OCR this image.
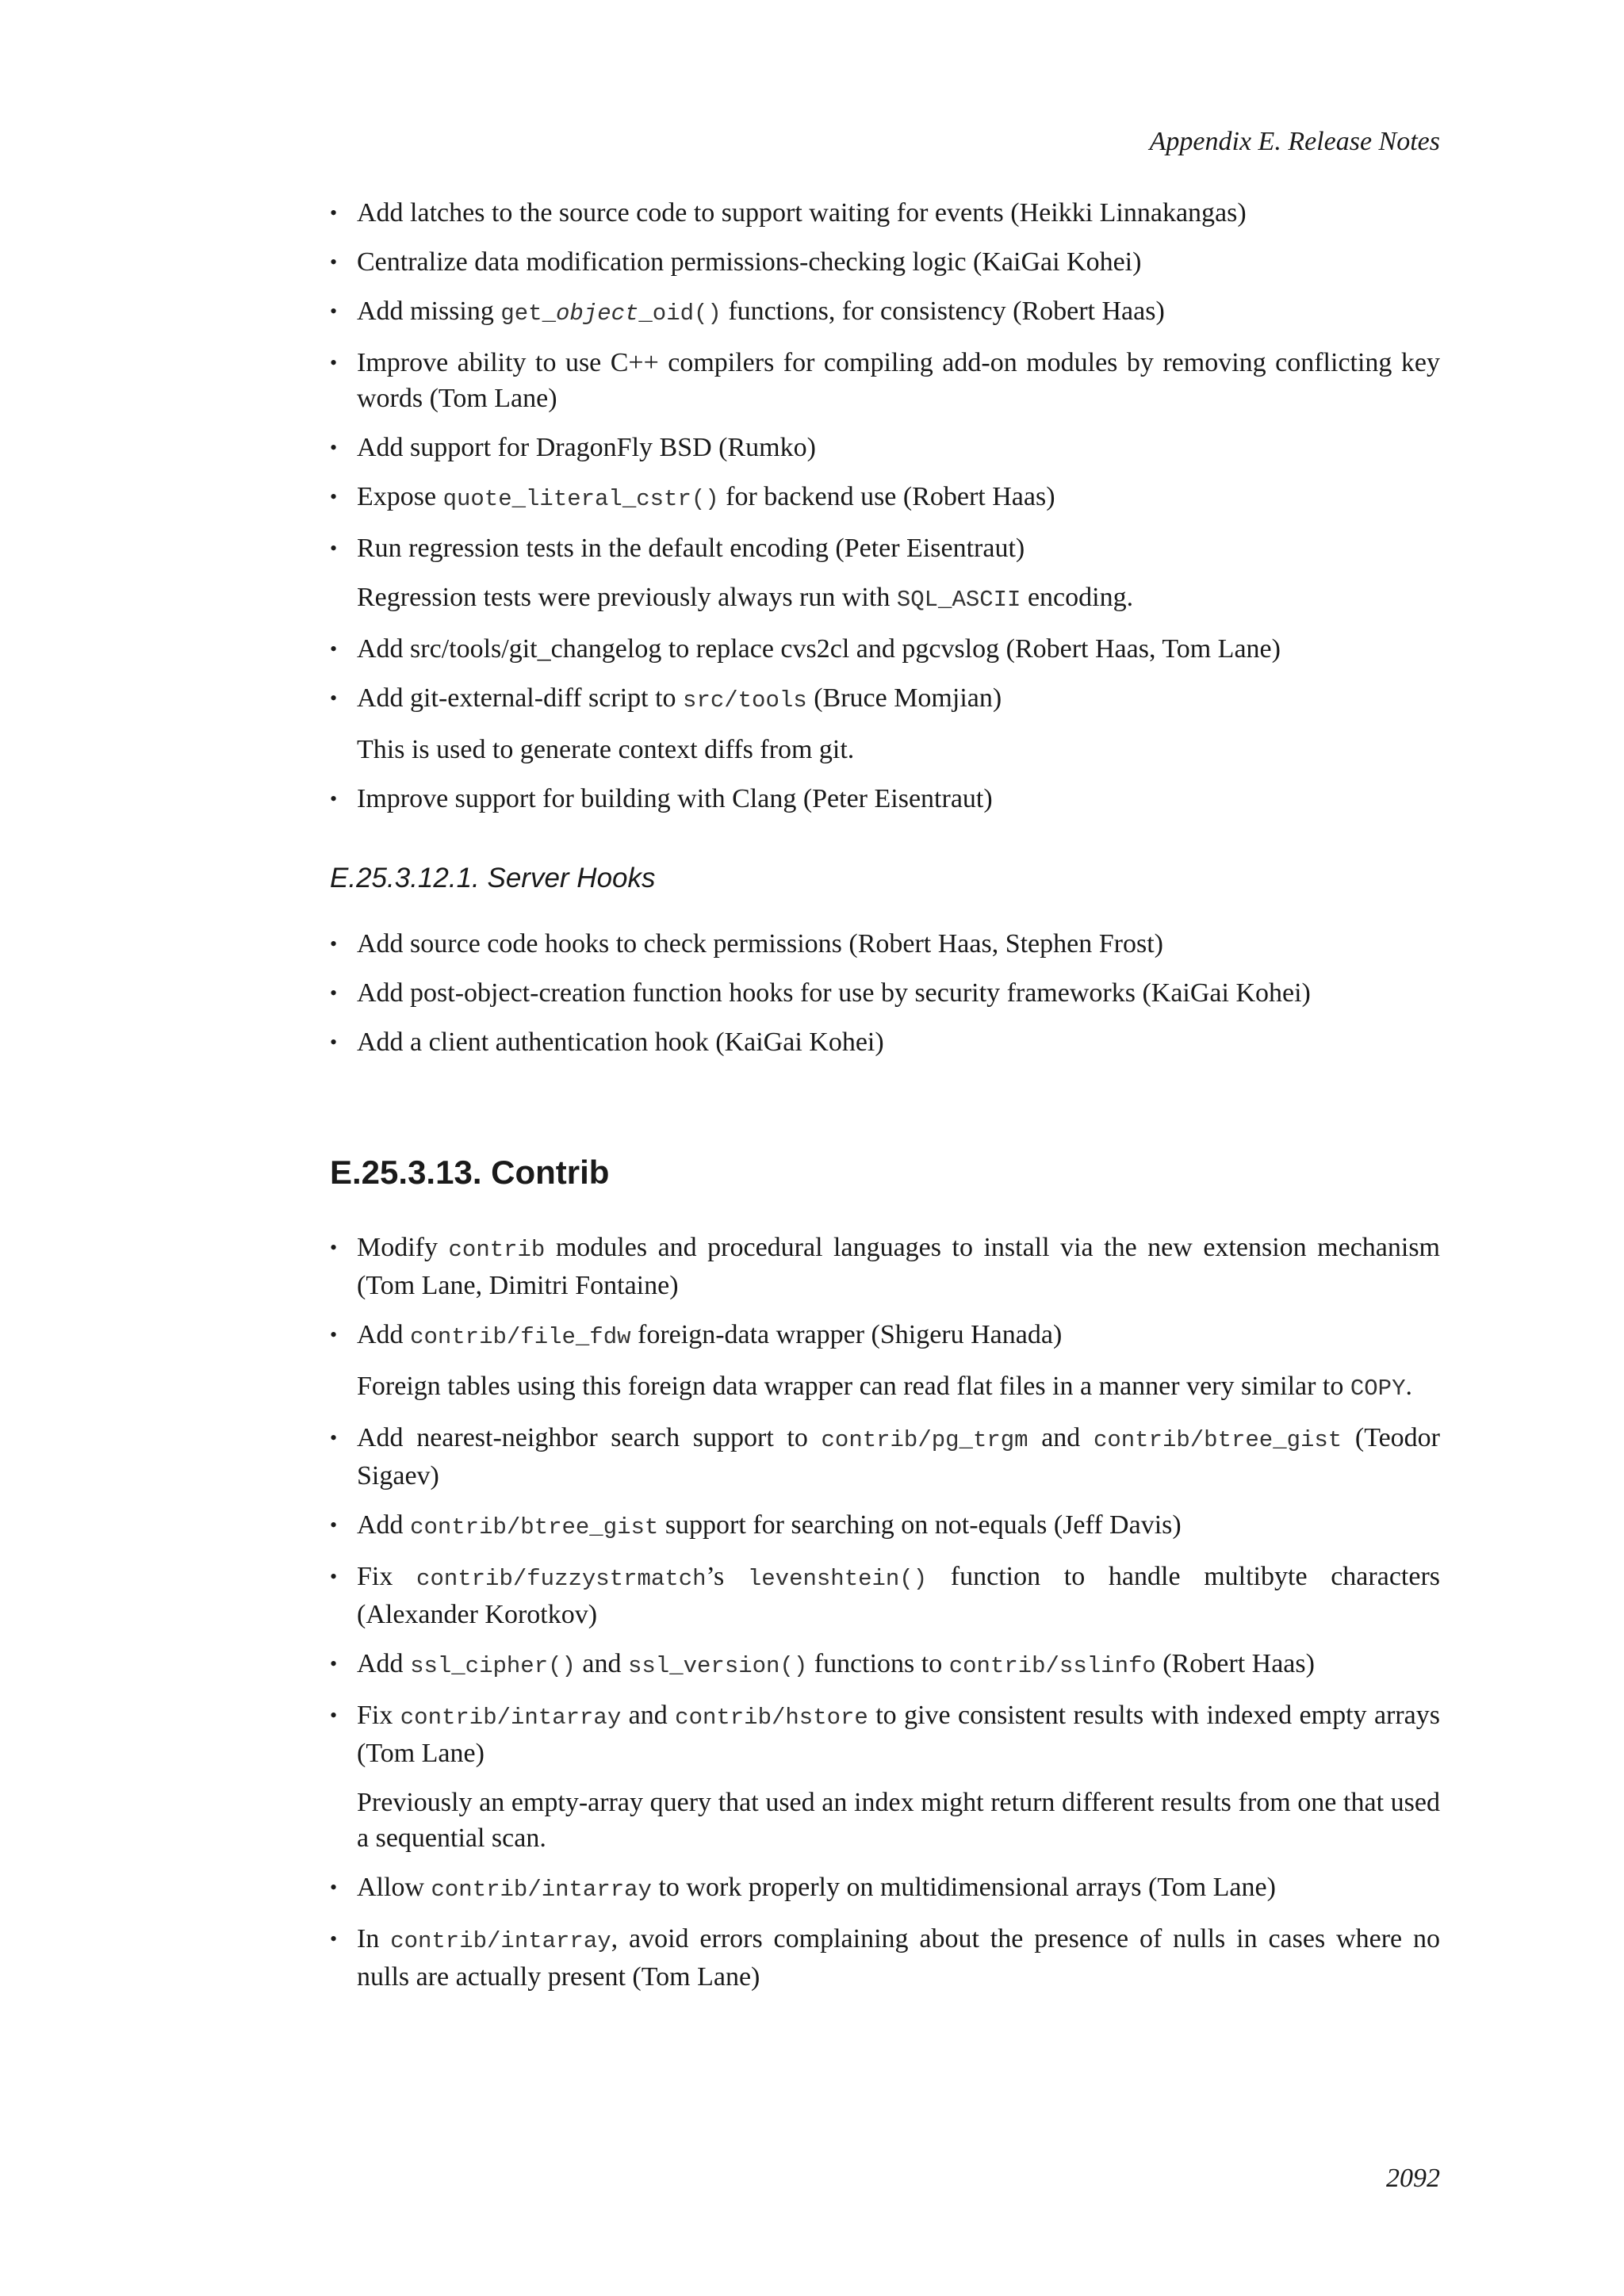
Appendix E. Release Notes
• Add latches to the source code to support waiting for events (Heikki Linnakangas)
• Centralize data modification permissions-checking logic (KaiGai Kohei)
• Add missing get_object_oid() functions, for consistency (Robert Haas)
• Improve ability to use C++ compilers for compiling add-on modules by removing conflicting key words (Tom Lane)
• Add support for DragonFly BSD (Rumko)
• Expose quote_literal_cstr() for backend use (Robert Haas)
• Run regression tests in the default encoding (Peter Eisentraut)
Regression tests were previously always run with SQL_ASCII encoding.
• Add src/tools/git_changelog to replace cvs2cl and pgcvslog (Robert Haas, Tom Lane)
• Add git-external-diff script to src/tools (Bruce Momjian)
This is used to generate context diffs from git.
• Improve support for building with Clang (Peter Eisentraut)
E.25.3.12.1. Server Hooks
• Add source code hooks to check permissions (Robert Haas, Stephen Frost)
• Add post-object-creation function hooks for use by security frameworks (KaiGai Kohei)
• Add a client authentication hook (KaiGai Kohei)
E.25.3.13. Contrib
• Modify contrib modules and procedural languages to install via the new extension mechanism (Tom Lane, Dimitri Fontaine)
• Add contrib/file_fdw foreign-data wrapper (Shigeru Hanada)
Foreign tables using this foreign data wrapper can read flat files in a manner very similar to COPY.
• Add nearest-neighbor search support to contrib/pg_trgm and contrib/btree_gist (Teodor Sigaev)
• Add contrib/btree_gist support for searching on not-equals (Jeff Davis)
• Fix contrib/fuzzystrmatch’s levenshtein() function to handle multibyte characters (Alexander Korotkov)
• Add ssl_cipher() and ssl_version() functions to contrib/sslinfo (Robert Haas)
• Fix contrib/intarray and contrib/hstore to give consistent results with indexed empty arrays (Tom Lane)
Previously an empty-array query that used an index might return different results from one that used a sequential scan.
• Allow contrib/intarray to work properly on multidimensional arrays (Tom Lane)
• In contrib/intarray, avoid errors complaining about the presence of nulls in cases where no nulls are actually present (Tom Lane)
2092
